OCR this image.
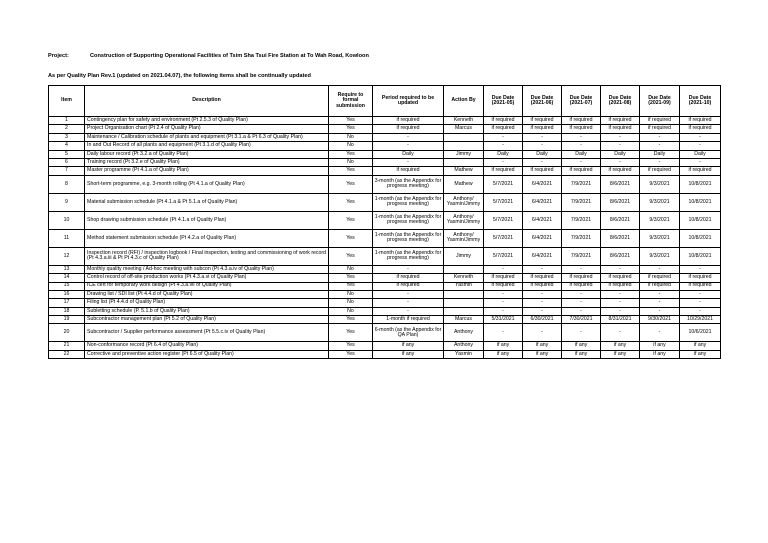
Project:	Construction of Supporting Operational Facilities of Tsim Sha Tsui Fire Station at To Wah Road, Kowloon
As per Quality Plan Rev.1 (updated on 2021.04.07), the following items shall be continually updated
Item	Description	Require to formal submission	Period required to be updated	Action By	Due Date (2021-05)	Due Date (2021-06)	Due Date (2021-07)	Due Date (2021-08)	Due Date (2021-09)	Due Date (2021-10)
1	Contingency plan for safety and environment (Pt 2.5.3 of Quality Plan)	Yes	if required	Kenneth	if required	if required	if required	if required	if required	if required
2	Project Organisation chart (Pt 2.4 of Quality Plan)	Yes	if required	Marcus	if required	if required	if required	if required	if required	if required
3	Maintenance / Calibration schedule of plants and equipment (Pt 3.1.a & Pt 6.3 of Quality Plan)	No	-		-	-	-	-	-	-
4	In and Out Record of all plants and equipment (Pt 3.1.d of Quality Plan)	No	-		-	-	-	-	-	-
5	Daily labour record (Pt 3.2.a of Quality Plan)	Yes	Daily	Jimmy	Daily	Daily	Daily	Daily	Daily	Daily
6	Training record (Pt 3.2.e of Quality Plan)	No	-		-	-	-	-	-	-
7	Master programme (Pt 4.1.a of Quality Plan)	Yes	if required	Mathew	if required	if required	if required	if required	if required	if required
8	Short-term programme, e.g. 3-month rolling (Pt 4.1.a of Quality Plan)	Yes	3-month (as the Appendix for progress meeting)	Mathew	5/7/2021	6/4/2021	7/9/2021	8/6/2021	9/3/2021	10/8/2021
9	Material submission schedule (Pt 4.1.a & Pt 5.1.a of Quality Plan)	Yes	1-month (as the Appendix for progress meeting)	Anthony/ Yasmin/Jimmy	5/7/2021	6/4/2021	7/9/2021	8/6/2021	9/3/2021	10/8/2021
10	Shop drawing submission schedule (Pt 4.1.a of Quality Plan)	Yes	1-month (as the Appendix for progress meeting)	Anthony/ Yasmin/Jimmy	5/7/2021	6/4/2021	7/9/2021	8/6/2021	9/3/2021	10/8/2021
11	Method statement submission schedule (Pt 4.2.a of Quality Plan)	Yes	1-month (as the Appendix for progress meeting)	Anthony/ Yasmin/Jimmy	5/7/2021	6/4/2021	7/9/2021	8/6/2021	9/3/2021	10/8/2021
12	Inspection record (RFI) / inspection logbook / Final inspection, testing and commissioning of work record (Pt 4.3.a.iii & Pt Pt 4.3.c of Quality Plan)	Yes	1-month (as the Appendix for progress meeting)	Jimmy	5/7/2021	6/4/2021	7/9/2021	8/6/2021	9/3/2021	10/8/2021
13	Monthly quality meeting / Ad-hoc meeting with subcon (Pt 4.3.a.iv of Quality Plan)	No	-		-	-	-	-	-	-
14	Control record of off-site production works (Pt 4.3.a.vi of Quality Plan)	Yes	if required	Kenneth	if required	if required	if required	if required	if required	if required
15	ICE cert for temporary work design (Pt 4.3.a.vii of Quality Plan)	Yes	if required	Yasmin	if required	if required	if required	if required	if required	if required
16	Drawing list / SDI list (Pt 4.4.d of Quality Plan)	No	-		-	-	-	-	-	-
17	Filing list (Pt 4.4.d of Quality Plan)	No	-		-	-	-	-	-	-
18	Subletting schedule (P. 5.1.b of Quality Plan)	No	-		-	-	-	-	-	-
19	Subcontractor management plan (Pt 5.2 of Quality Plan)	Yes	1-month if required	Marcus	5/31/2021	6/30/2021	7/30/2021	8/31/2021	9/30/2021	10/29/2021
20	Subcontractor / Supplier performance assessment (Pt 5.5.c.iv of Quality Plan)	Yes	6-month (as the Appendix for QA Plan)	Anthony	-	-	-	-	-	10/6/2021
21	Non-conformance record (Pt 6.4 of Quality Plan)	Yes	if any	Anthony	if any	if any	if any	if any	if any	if any
22	Corrective and preventive action register (Pt 6.5 of Quality Plan)	Yes	if any	Yasmin	if any	if any	if any	if any	if any	if any
